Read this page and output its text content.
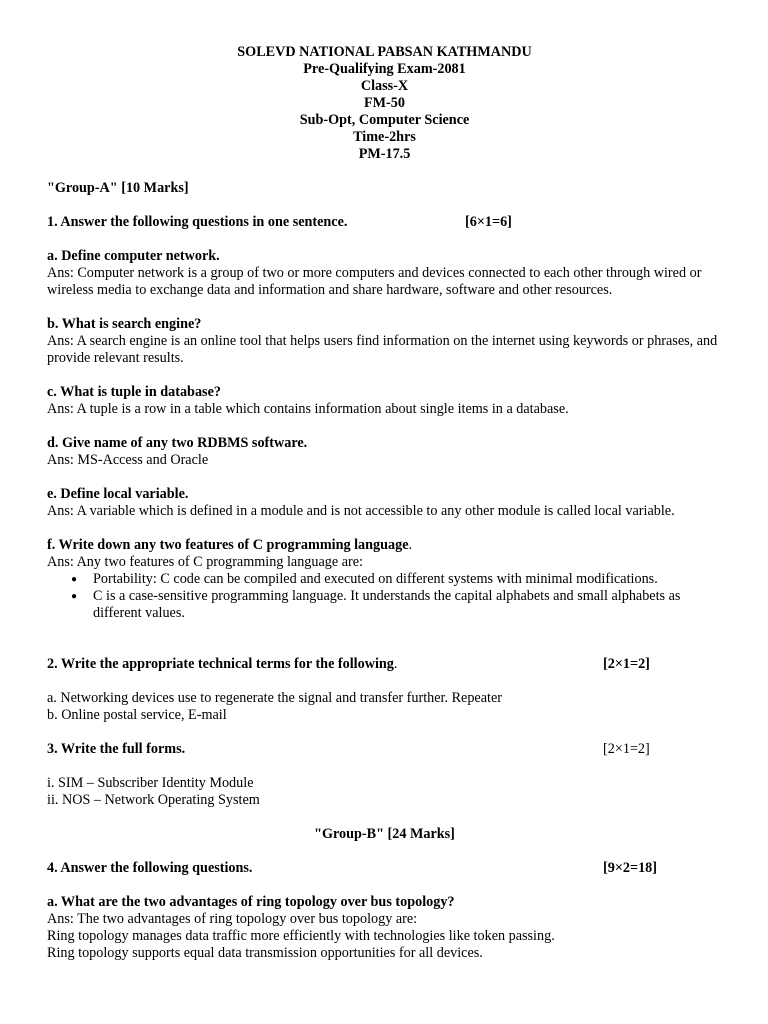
SOLEVD NATIONAL PABSAN KATHMANDU
Pre-Qualifying Exam-2081
Class-X
FM-50
Sub-Opt, Computer Science
Time-2hrs
PM-17.5
"Group-A" [10 Marks]
1. Answer the following questions in one sentence.	[6×1=6]
a. Define computer network.
Ans: Computer network is a group of two or more computers and devices connected to each other through wired or wireless media to exchange data and information and share hardware, software and other resources.
b. What is search engine?
Ans: A search engine is an online tool that helps users find information on the internet using keywords or phrases, and provide relevant results.
c. What is tuple in database?
Ans: A tuple is a row in a table which contains information about single items in a database.
d. Give name of any two RDBMS software.
Ans: MS-Access and Oracle
e. Define local variable.
Ans: A variable which is defined in a module and is not accessible to any other module is called local variable.
f. Write down any two features of C programming language.
Ans: Any two features of C programming language are:
● Portability: C code can be compiled and executed on different systems with minimal modifications.
● C is a case-sensitive programming language. It understands the capital alphabets and small alphabets as different values.
2. Write the appropriate technical terms for the following.	[2×1=2]
a. Networking devices use to regenerate the signal and transfer further. Repeater
b. Online postal service, E-mail
3. Write the full forms.	[2×1=2]
i. SIM – Subscriber Identity Module
ii. NOS – Network Operating System
"Group-B" [24 Marks]
4. Answer the following questions.	[9×2=18]
a. What are the two advantages of ring topology over bus topology?
Ans: The two advantages of ring topology over bus topology are:
Ring topology manages data traffic more efficiently with technologies like token passing.
Ring topology supports equal data transmission opportunities for all devices.
